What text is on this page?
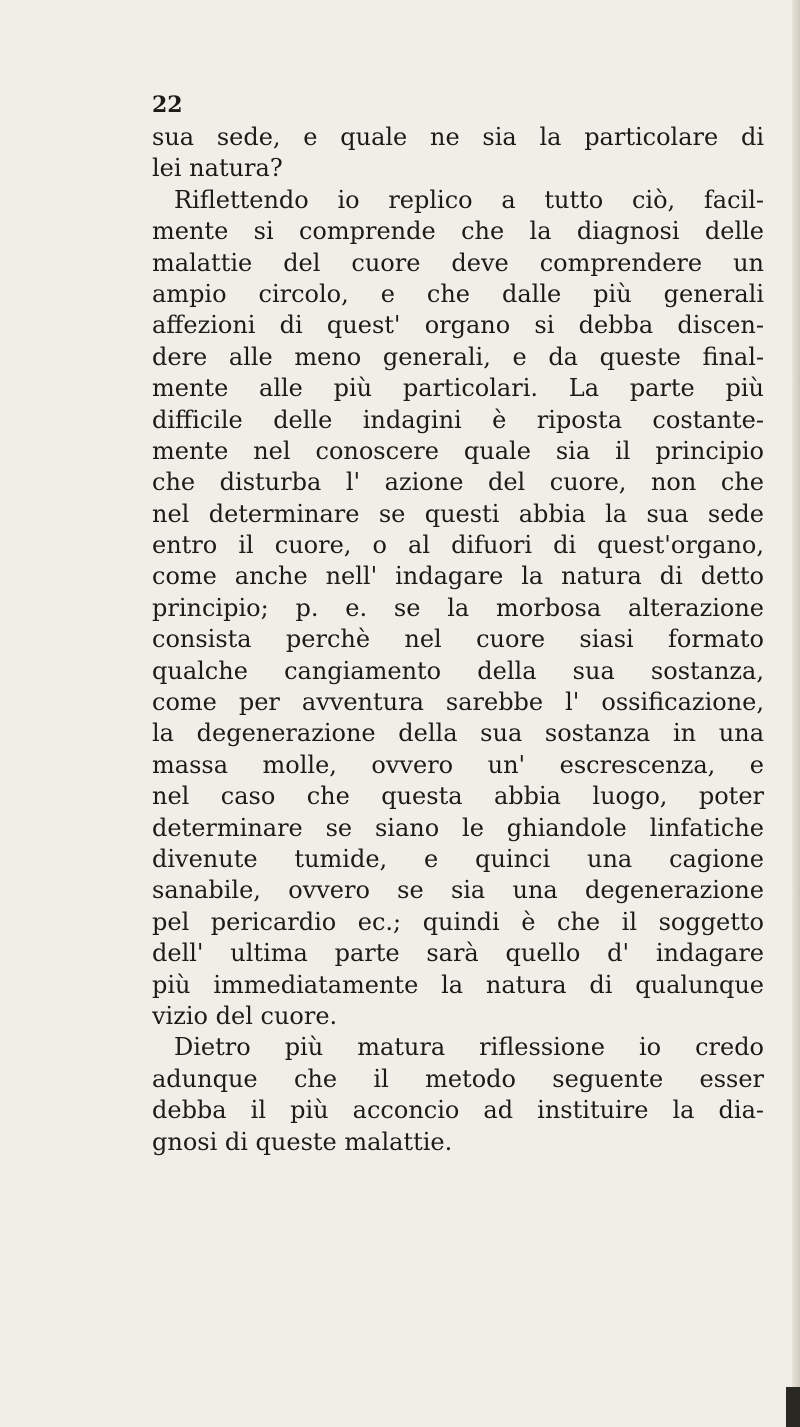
22
sua sede, e quale ne sia la particolare di
lei natura?
Riflettendo io replico a tutto ciò, facil-
mente si comprende che la diagnosi delle
malattie del cuore deve comprendere un
ampio circolo, e che dalle più generali
affezioni di quest' organo si debba discen-
dere alle meno generali, e da queste final-
mente alle più particolari. La parte più
difficile delle indagini è riposta costante-
mente nel conoscere quale sia il principio
che disturba l' azione del cuore, non che
nel determinare se questi abbia la sua sede
entro il cuore, o al difuori di quest'organo,
come anche nell' indagare la natura di detto
principio; p. e. se la morbosa alterazione
consista perchè nel cuore siasi formato
qualche cangiamento della sua sostanza,
come per avventura sarebbe l' ossificazione,
la degenerazione della sua sostanza in una
massa molle, ovvero un' escrescenza, e
nel caso che questa abbia luogo, poter
determinare se siano le ghiandole linfatiche
divenute tumide, e quinci una cagione
sanabile, ovvero se sia una degenerazione
pel pericardio ec.; quindi è che il soggetto
dell' ultima parte sarà quello d' indagare
più immediatamente la natura di qualunque
vizio del cuore.
Dietro più matura riflessione io credo
adunque che il metodo seguente esser
debba il più acconcio ad instituire la dia-
gnosi di queste malattie.
